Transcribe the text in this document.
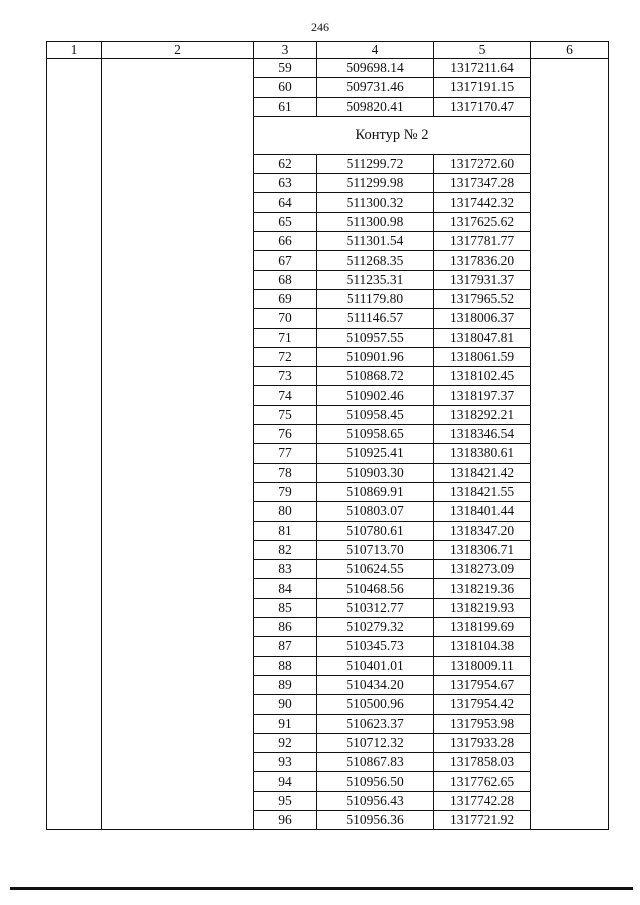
246
1	2	3	4	5	6
		59	509698.14	1317211.64	
		60	509731.46	1317191.15	
		61	509820.41	1317170.47	
		Контур № 2			
		62	511299.72	1317272.60	
		63	511299.98	1317347.28	
		64	511300.32	1317442.32	
		65	511300.98	1317625.62	
		66	511301.54	1317781.77	
		67	511268.35	1317836.20	
		68	511235.31	1317931.37	
		69	511179.80	1317965.52	
		70	511146.57	1318006.37	
		71	510957.55	1318047.81	
		72	510901.96	1318061.59	
		73	510868.72	1318102.45	
		74	510902.46	1318197.37	
		75	510958.45	1318292.21	
		76	510958.65	1318346.54	
		77	510925.41	1318380.61	
		78	510903.30	1318421.42	
		79	510869.91	1318421.55	
		80	510803.07	1318401.44	
		81	510780.61	1318347.20	
		82	510713.70	1318306.71	
		83	510624.55	1318273.09	
		84	510468.56	1318219.36	
		85	510312.77	1318219.93	
		86	510279.32	1318199.69	
		87	510345.73	1318104.38	
		88	510401.01	1318009.11	
		89	510434.20	1317954.67	
		90	510500.96	1317954.42	
		91	510623.37	1317953.98	
		92	510712.32	1317933.28	
		93	510867.83	1317858.03	
		94	510956.50	1317762.65	
		95	510956.43	1317742.28	
		96	510956.36	1317721.92	
